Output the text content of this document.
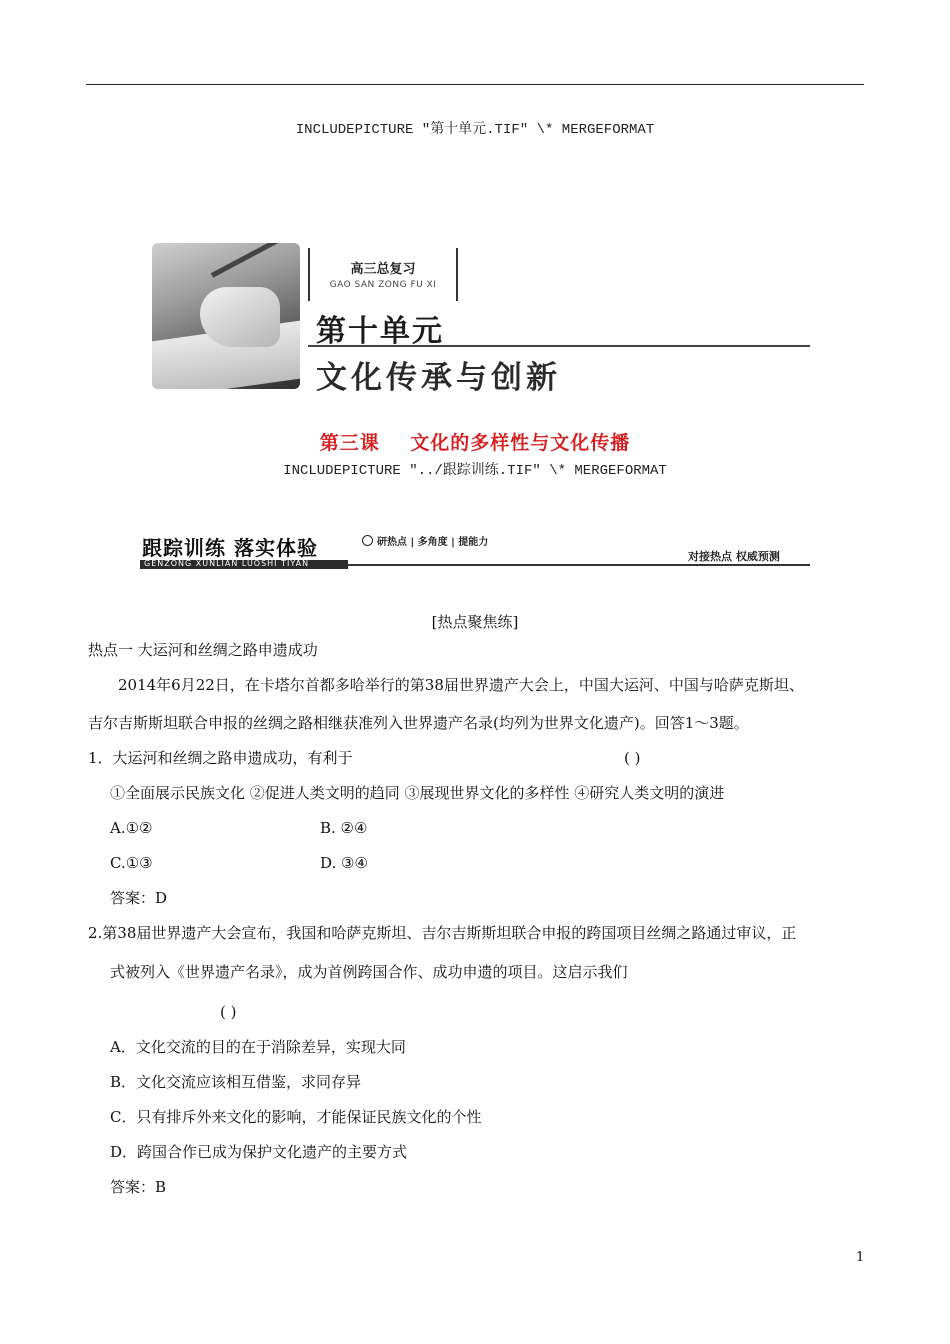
INCLUDEPICTURE "第十单元.TIF" \* MERGEFORMAT
高三总复习
GAO SAN ZONG FU XI
第十单元
文化传承与创新
第三课    文化的多样性与文化传播
INCLUDEPICTURE "../跟踪训练.TIF" \* MERGEFORMAT
跟踪训练 落实体验
GENZONG XUNLIAN LUOSHI TIYAN
研热点 | 多角度 | 提能力
对接热点 权威预测
[热点聚焦练]
热点一 大运河和丝绸之路申遗成功
2014年6月22日，在卡塔尔首都多哈举行的第38届世界遗产大会上，中国大运河、中国与哈萨克斯坦、
吉尔吉斯斯坦联合申报的丝绸之路相继获准列入世界遗产名录(均列为世界文化遗产)。回答1～3题。
1．大运河和丝绸之路申遗成功，有利于	( )
①全面展示民族文化 ②促进人类文明的趋同 ③展现世界文化的多样性 ④研究人类文明的演进
A.①②	B. ②④
C.①③	D. ③④
答案：D
2.第38届世界遗产大会宣布，我国和哈萨克斯坦、吉尔吉斯斯坦联合申报的跨国项目丝绸之路通过审议，正
式被列入《世界遗产名录》，成为首例跨国合作、成功申遗的项目。这启示我们
( )
A．文化交流的目的在于消除差异，实现大同
B．文化交流应该相互借鉴，求同存异
C．只有排斥外来文化的影响，才能保证民族文化的个性
D．跨国合作已成为保护文化遗产的主要方式
答案：B
1
